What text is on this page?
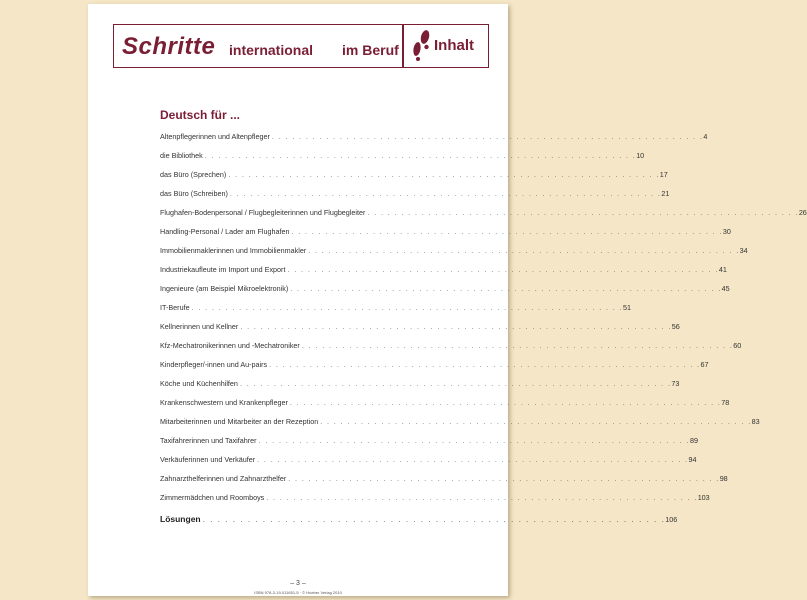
Schritte international im Beruf Inhalt
Deutsch für ...
Altenpflegerinnen und Altenpfleger . . . . . . . . . . . . . . . . . . . . . . . . . . . . . . . . . . . . . . . . . . . . . . . . . . . . . . . . . . . . . . . . 4
die Bibliothek . . . . . . . . . . . . . . . . . . . . . . . . . . . . . . . . . . . . . . . . . . . . . . . . . . . . . . . . . . . . . . . . 10
das Büro (Sprechen) . . . . . . . . . . . . . . . . . . . . . . . . . . . . . . . . . . . . . . . . . . . . . . . . . . . . . . . . . . . . . . . . 17
das Büro (Schreiben) . . . . . . . . . . . . . . . . . . . . . . . . . . . . . . . . . . . . . . . . . . . . . . . . . . . . . . . . . . . . . . . . 21
Flughafen-Bodenpersonal / Flugbegleiterinnen und Flugbegleiter . . . . . . . . . . . . . . . . . . . . . . . . . . . . . . . . . . . . . . . . . . . . . . . . . . . . . . . . . . . . . . . . 26
Handling-Personal / Lader am Flughafen . . . . . . . . . . . . . . . . . . . . . . . . . . . . . . . . . . . . . . . . . . . . . . . . . . . . . . . . . . . . . . . . 30
Immobilienmaklerinnen und Immobilienmakler . . . . . . . . . . . . . . . . . . . . . . . . . . . . . . . . . . . . . . . . . . . . . . . . . . . . . . . . . . . . . . . . 34
Industriekaufleute im Import und Export . . . . . . . . . . . . . . . . . . . . . . . . . . . . . . . . . . . . . . . . . . . . . . . . . . . . . . . . . . . . . . . . 41
Ingenieure (am Beispiel Mikroelektronik) . . . . . . . . . . . . . . . . . . . . . . . . . . . . . . . . . . . . . . . . . . . . . . . . . . . . . . . . . . . . . . . . 45
IT-Berufe . . . . . . . . . . . . . . . . . . . . . . . . . . . . . . . . . . . . . . . . . . . . . . . . . . . . . . . . . . . . . . . . 51
Kellnerinnen und Kellner . . . . . . . . . . . . . . . . . . . . . . . . . . . . . . . . . . . . . . . . . . . . . . . . . . . . . . . . . . . . . . . . 56
Kfz-Mechatronikerinnen und -Mechatroniker . . . . . . . . . . . . . . . . . . . . . . . . . . . . . . . . . . . . . . . . . . . . . . . . . . . . . . . . . . . . . . . . 60
Kinderpfleger/-innen und Au-pairs . . . . . . . . . . . . . . . . . . . . . . . . . . . . . . . . . . . . . . . . . . . . . . . . . . . . . . . . . . . . . . . . 67
Köche und Küchenhilfen . . . . . . . . . . . . . . . . . . . . . . . . . . . . . . . . . . . . . . . . . . . . . . . . . . . . . . . . . . . . . . . . 73
Krankenschwestern und Krankenpfleger . . . . . . . . . . . . . . . . . . . . . . . . . . . . . . . . . . . . . . . . . . . . . . . . . . . . . . . . . . . . . . . . 78
Mitarbeiterinnen und Mitarbeiter an der Rezeption . . . . . . . . . . . . . . . . . . . . . . . . . . . . . . . . . . . . . . . . . . . . . . . . . . . . . . . . . . . . . . . . 83
Taxifahrerinnen und Taxifahrer . . . . . . . . . . . . . . . . . . . . . . . . . . . . . . . . . . . . . . . . . . . . . . . . . . . . . . . . . . . . . . . . 89
Verkäuferinnen und Verkäufer . . . . . . . . . . . . . . . . . . . . . . . . . . . . . . . . . . . . . . . . . . . . . . . . . . . . . . . . . . . . . . . . 94
Zahnarzthelferinnen und Zahnarzthelfer . . . . . . . . . . . . . . . . . . . . . . . . . . . . . . . . . . . . . . . . . . . . . . . . . . . . . . . . . . . . . . . . 98
Zimmermädchen und Roomboys . . . . . . . . . . . . . . . . . . . . . . . . . . . . . . . . . . . . . . . . . . . . . . . . . . . . . . . . . . . . . . . . 103
Lösungen . . . . . . . . . . . . . . . . . . . . . . . . . . . . . . . . . . . . . . . . . . . . . . . . . . . . . . . . . . . . . . 106
– 3 –
ISBN 978-3-19-011651-5 · © Hueber Verlag 2010
